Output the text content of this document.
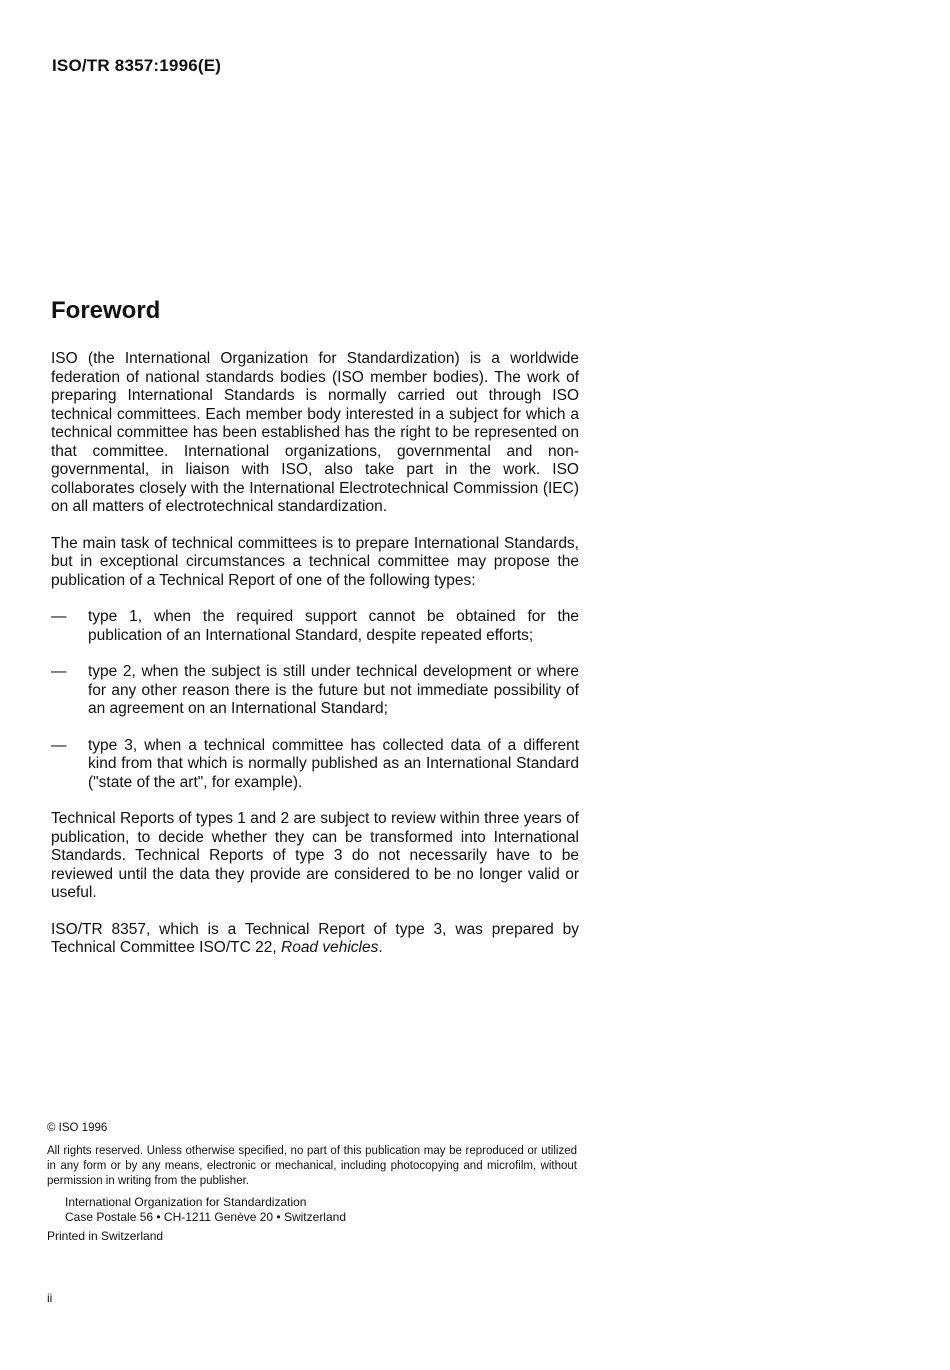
ISO/TR 8357:1996(E)

Foreword

ISO (the International Organization for Standardization) is a worldwide federation of national standards bodies (ISO member bodies). The work of preparing International Standards is normally carried out through ISO technical committees. Each member body interested in a subject for which a technical committee has been established has the right to be represented on that committee. International organizations, governmental and non-governmental, in liaison with ISO, also take part in the work. ISO collaborates closely with the International Electrotechnical Commission (IEC) on all matters of electrotechnical standardization.

The main task of technical committees is to prepare International Standards, but in exceptional circumstances a technical committee may propose the publication of a Technical Report of one of the following types:

— type 1, when the required support cannot be obtained for the publication of an International Standard, despite repeated efforts;
— type 2, when the subject is still under technical development or where for any other reason there is the future but not immediate possibility of an agreement on an International Standard;
— type 3, when a technical committee has collected data of a different kind from that which is normally published as an International Standard ("state of the art", for example).

Technical Reports of types 1 and 2 are subject to review within three years of publication, to decide whether they can be transformed into International Standards. Technical Reports of type 3 do not necessarily have to be reviewed until the data they provide are considered to be no longer valid or useful.

ISO/TR 8357, which is a Technical Report of type 3, was prepared by Technical Committee ISO/TC 22, Road vehicles.

© ISO 1996

All rights reserved. Unless otherwise specified, no part of this publication may be reproduced or utilized in any form or by any means, electronic or mechanical, including photocopying and microfilm, without permission in writing from the publisher.

International Organization for Standardization

Case Postale 56 • CH-1211 Genève 20 • Switzerland

Printed in Switzerland

ii
